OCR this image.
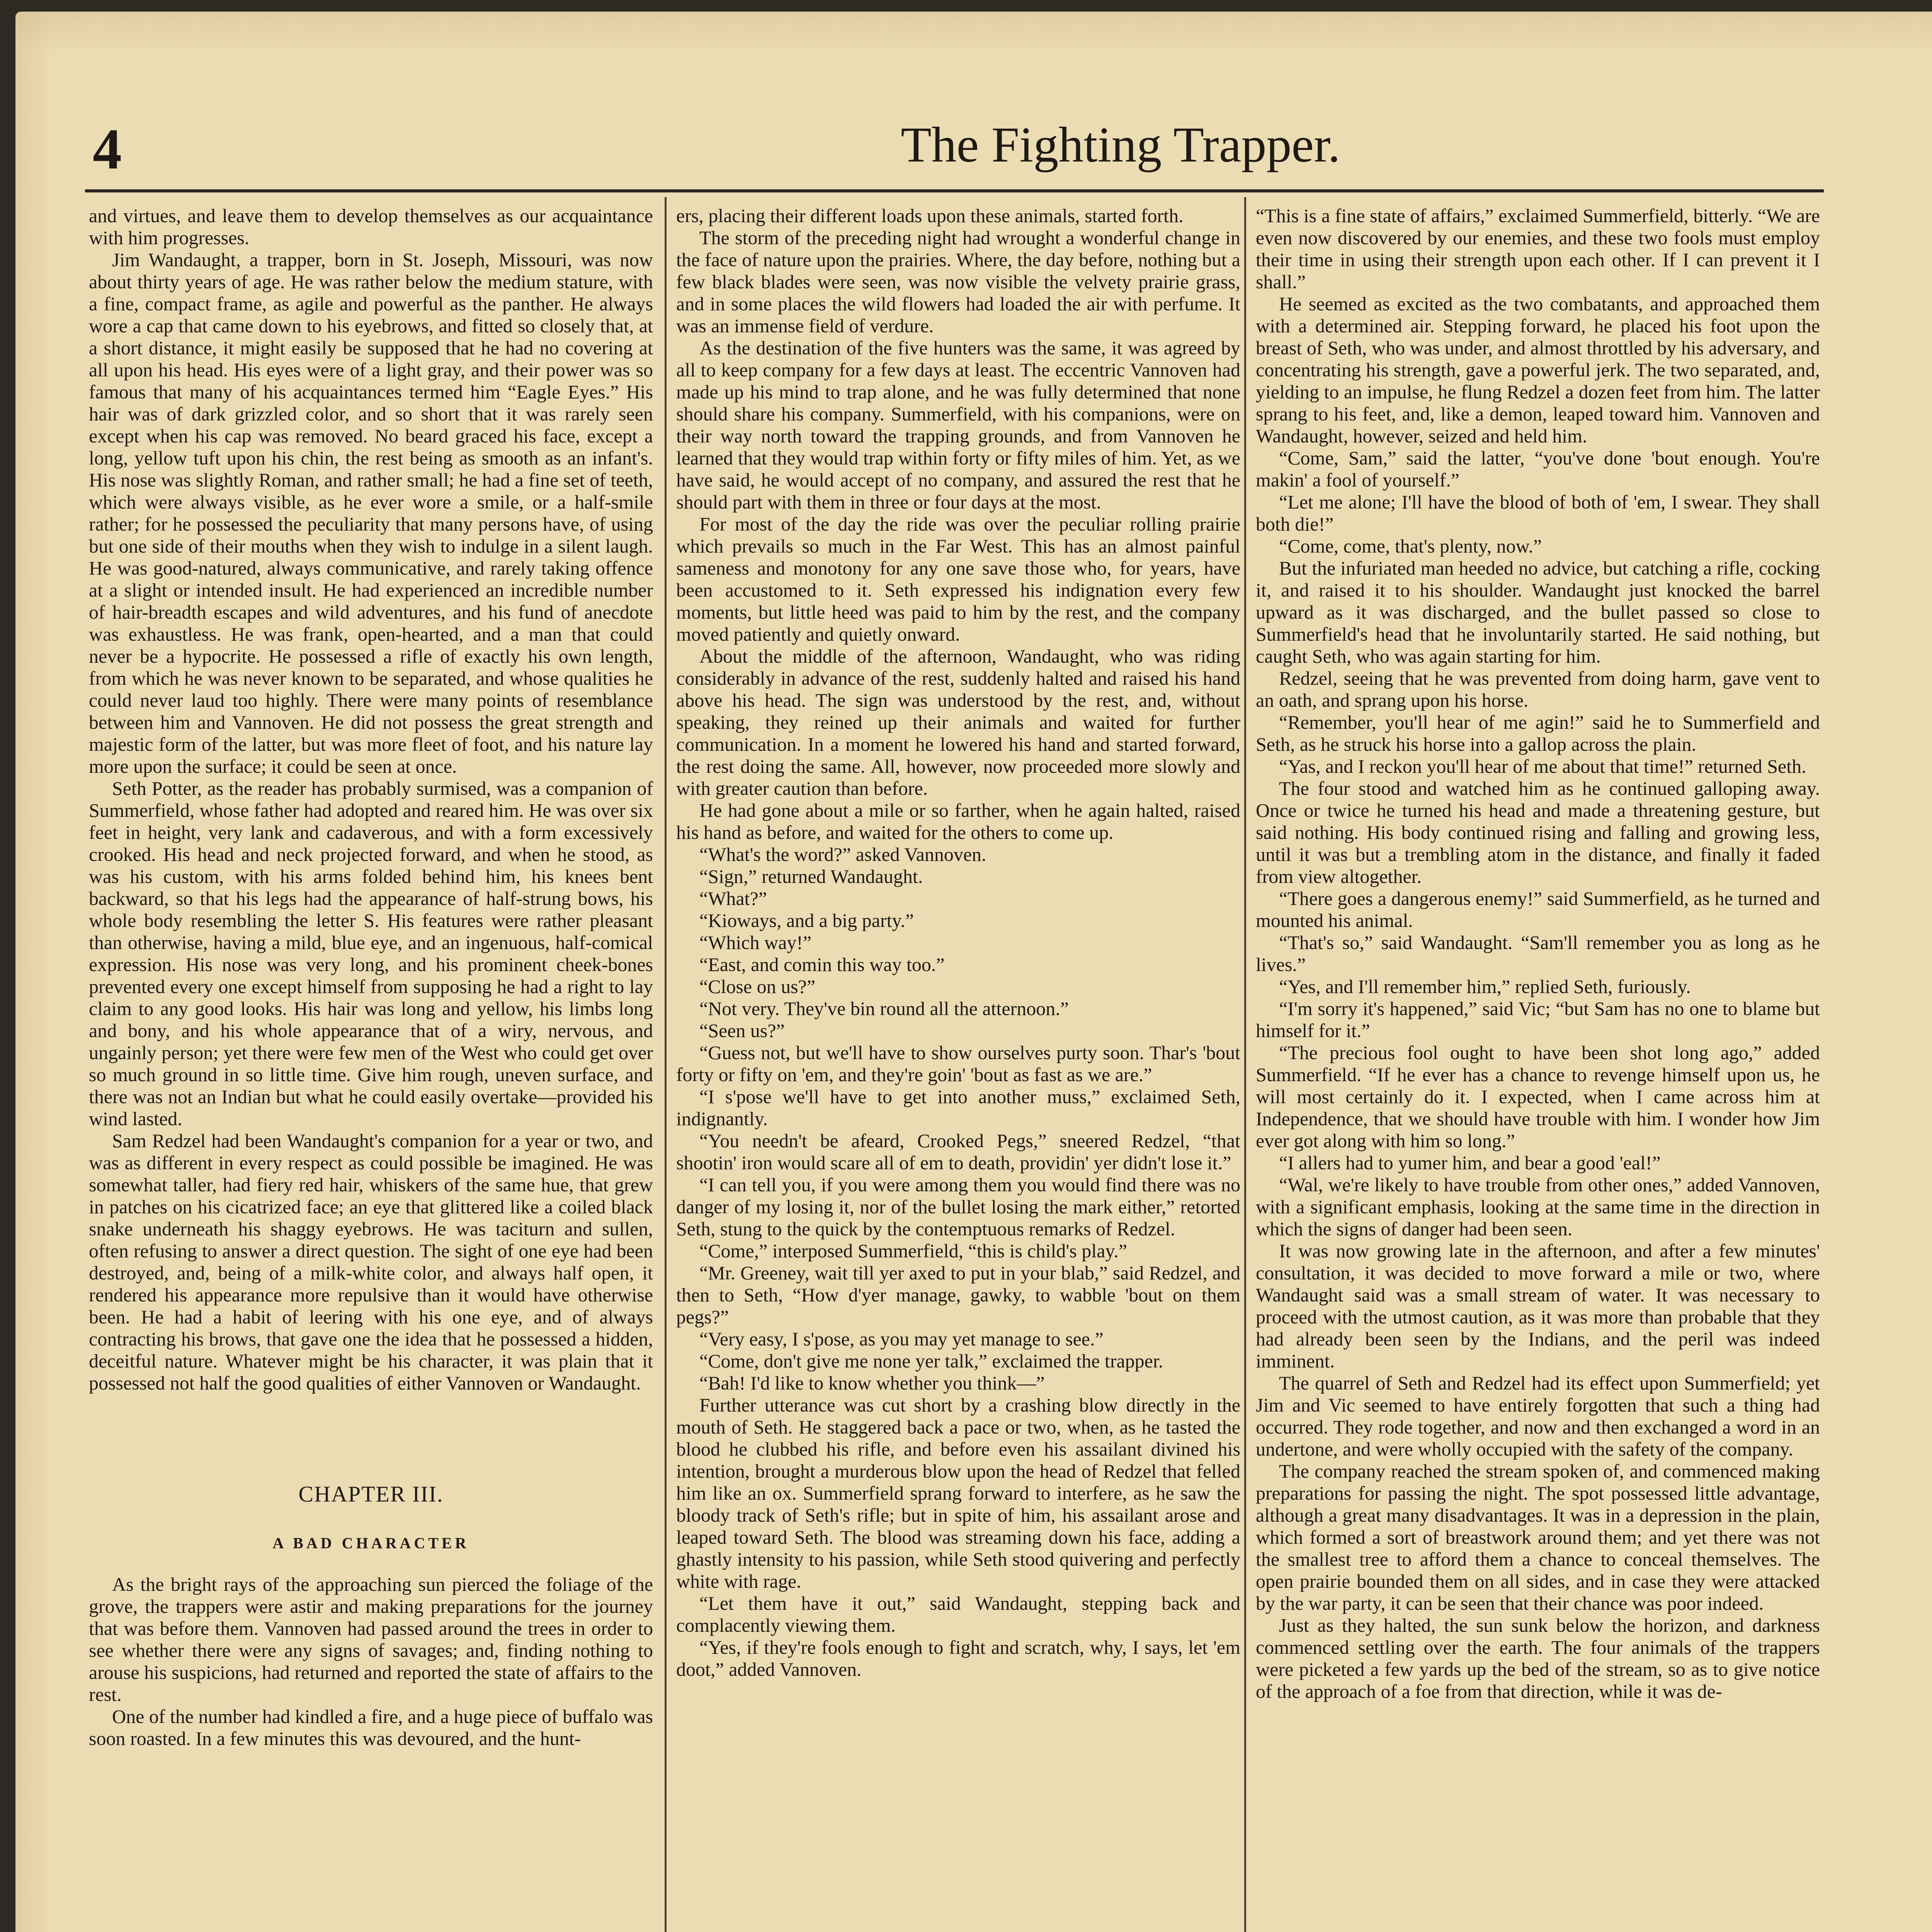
4	The Fighting Trapper.

and virtues, and leave them to develop themselves as our acquaintance with him progresses.

Jim Wandaught, a trapper, born in St. Joseph, Missouri, was now about thirty years of age. He was rather below the medium stature, with a fine, compact frame, as agile and powerful as the panther. He always wore a cap that came down to his eyebrows, and fitted so closely that, at a short distance, it might easily be supposed that he had no covering at all upon his head. His eyes were of a light gray, and their power was so famous that many of his acquaintances termed him “Eagle Eyes.” His hair was of dark grizzled color, and so short that it was rarely seen except when his cap was removed. No beard graced his face, except a long, yellow tuft upon his chin, the rest being as smooth as an infant's. His nose was slightly Roman, and rather small; he had a fine set of teeth, which were always visible, as he ever wore a smile, or a half-smile rather; for he possessed the peculiarity that many persons have, of using but one side of their mouths when they wish to indulge in a silent laugh. He was good-natured, always communicative, and rarely taking offence at a slight or intended insult. He had experienced an incredible number of hair-breadth escapes and wild adventures, and his fund of anecdote was exhaustless. He was frank, open-hearted, and a man that could never be a hypocrite. He possessed a rifle of exactly his own length, from which he was never known to be separated, and whose qualities he could never laud too highly. There were many points of resemblance between him and Vannoven. He did not possess the great strength and majestic form of the latter, but was more fleet of foot, and his nature lay more upon the surface; it could be seen at once.

Seth Potter, as the reader has probably surmised, was a companion of Summerfield, whose father had adopted and reared him. He was over six feet in height, very lank and cadaverous, and with a form excessively crooked. His head and neck projected forward, and when he stood, as was his custom, with his arms folded behind him, his knees bent backward, so that his legs had the appearance of half-strung bows, his whole body resembling the letter S. His features were rather pleasant than otherwise, having a mild, blue eye, and an ingenuous, half-comical expression. His nose was very long, and his prominent cheek-bones prevented every one except himself from supposing he had a right to lay claim to any good looks. His hair was long and yellow, his limbs long and bony, and his whole appearance that of a wiry, nervous, and ungainly person; yet there were few men of the West who could get over so much ground in so little time. Give him rough, uneven surface, and there was not an Indian but what he could easily overtake—provided his wind lasted.

Sam Redzel had been Wandaught's companion for a year or two, and was as different in every respect as could possible be imagined. He was somewhat taller, had fiery red hair, whiskers of the same hue, that grew in patches on his cicatrized face; an eye that glittered like a coiled black snake underneath his shaggy eyebrows. He was taciturn and sullen, often refusing to answer a direct question. The sight of one eye had been destroyed, and, being of a milk-white color, and always half open, it rendered his appearance more repulsive than it would have otherwise been. He had a habit of leering with his one eye, and of always contracting his brows, that gave one the idea that he possessed a hidden, deceitful nature. Whatever might be his character, it was plain that it possessed not half the good qualities of either Vannoven or Wandaught.

CHAPTER III.
A BAD CHARACTER

As the bright rays of the approaching sun pierced the foliage of the grove, the trappers were astir and making preparations for the journey that was before them. Vannoven had passed around the trees in order to see whether there were any signs of savages; and, finding nothing to arouse his suspicions, had returned and reported the state of affairs to the rest.

One of the number had kindled a fire, and a huge piece of buffalo was soon roasted. In a few minutes this was devoured, and the hunt-

ers, placing their different loads upon these animals, started forth.

The storm of the preceding night had wrought a wonderful change in the face of nature upon the prairies. Where, the day before, nothing but a few black blades were seen, was now visible the velvety prairie grass, and in some places the wild flowers had loaded the air with perfume. It was an immense field of verdure.

As the destination of the five hunters was the same, it was agreed by all to keep company for a few days at least. The eccentric Vannoven had made up his mind to trap alone, and he was fully determined that none should share his company. Summerfield, with his companions, were on their way north toward the trapping grounds, and from Vannoven he learned that they would trap within forty or fifty miles of him. Yet, as we have said, he would accept of no company, and assured the rest that he should part with them in three or four days at the most.

For most of the day the ride was over the peculiar rolling prairie which prevails so much in the Far West. This has an almost painful sameness and monotony for any one save those who, for years, have been accustomed to it. Seth expressed his indignation every few moments, but little heed was paid to him by the rest, and the company moved patiently and quietly onward.

About the middle of the afternoon, Wandaught, who was riding considerably in advance of the rest, suddenly halted and raised his hand above his head. The sign was understood by the rest, and, without speaking, they reined up their animals and waited for further communication. In a moment he lowered his hand and started forward, the rest doing the same. All, however, now proceeded more slowly and with greater caution than before.

He had gone about a mile or so farther, when he again halted, raised his hand as before, and waited for the others to come up.

“What's the word?” asked Vannoven.

“Sign,” returned Wandaught.

“What?”

“Kioways, and a big party.”

“Which way!”

“East, and comin this way too.”

“Close on us?”

“Not very. They've bin round all the atternoon.”

“Seen us?”

“Guess not, but we'll have to show ourselves purty soon. Thar's 'bout forty or fifty on 'em, and they're goin' 'bout as fast as we are.”

“I s'pose we'll have to get into another muss,” exclaimed Seth, indignantly.

“You needn't be afeard, Crooked Pegs,” sneered Redzel, “that shootin' iron would scare all of em to death, providin' yer didn't lose it.”

“I can tell you, if you were among them you would find there was no danger of my losing it, nor of the bullet losing the mark either,” retorted Seth, stung to the quick by the contemptuous remarks of Redzel.

“Come,” interposed Summerfield, “this is child's play.”

“Mr. Greeney, wait till yer axed to put in your blab,” said Redzel, and then to Seth, “How d'yer manage, gawky, to wabble 'bout on them pegs?”

“Very easy, I s'pose, as you may yet manage to see.”

“Come, don't give me none yer talk,” exclaimed the trapper.

“Bah! I'd like to know whether you think—”

Further utterance was cut short by a crashing blow directly in the mouth of Seth. He staggered back a pace or two, when, as he tasted the blood he clubbed his rifle, and before even his assailant divined his intention, brought a murderous blow upon the head of Redzel that felled him like an ox. Summerfield sprang forward to interfere, as he saw the bloody track of Seth's rifle; but in spite of him, his assailant arose and leaped toward Seth. The blood was streaming down his face, adding a ghastly intensity to his passion, while Seth stood quivering and perfectly white with rage.

“Let them have it out,” said Wandaught, stepping back and complacently viewing them.

“Yes, if they're fools enough to fight and scratch, why, I says, let 'em doot,” added Vannoven.

“This is a fine state of affairs,” exclaimed Summerfield, bitterly. “We are even now discovered by our enemies, and these two fools must employ their time in using their strength upon each other. If I can prevent it I shall.”

He seemed as excited as the two combatants, and approached them with a determined air. Stepping forward, he placed his foot upon the breast of Seth, who was under, and almost throttled by his adversary, and concentrating his strength, gave a powerful jerk. The two separated, and, yielding to an impulse, he flung Redzel a dozen feet from him. The latter sprang to his feet, and, like a demon, leaped toward him. Vannoven and Wandaught, however, seized and held him.

“Come, Sam,” said the latter, “you've done 'bout enough. You're makin' a fool of yourself.”

“Let me alone; I'll have the blood of both of 'em, I swear. They shall both die!”

“Come, come, that's plenty, now.”

But the infuriated man heeded no advice, but catching a rifle, cocking it, and raised it to his shoulder. Wandaught just knocked the barrel upward as it was discharged, and the bullet passed so close to Summerfield's head that he involuntarily started. He said nothing, but caught Seth, who was again starting for him.

Redzel, seeing that he was prevented from doing harm, gave vent to an oath, and sprang upon his horse.

“Remember, you'll hear of me agin!” said he to Summerfield and Seth, as he struck his horse into a gallop across the plain.

“Yas, and I reckon you'll hear of me about that time!” returned Seth.

The four stood and watched him as he continued galloping away. Once or twice he turned his head and made a threatening gesture, but said nothing. His body continued rising and falling and growing less, until it was but a trembling atom in the distance, and finally it faded from view altogether.

“There goes a dangerous enemy!” said Summerfield, as he turned and mounted his animal.

“That's so,” said Wandaught. “Sam'll remember you as long as he lives.”

“Yes, and I'll remember him,” replied Seth, furiously.

“I'm sorry it's happened,” said Vic; “but Sam has no one to blame but himself for it.”

“The precious fool ought to have been shot long ago,” added Summerfield. “If he ever has a chance to revenge himself upon us, he will most certainly do it. I expected, when I came across him at Independence, that we should have trouble with him. I wonder how Jim ever got along with him so long.”

“I allers had to yumer him, and bear a good 'eal!”

“Wal, we're likely to have trouble from other ones,” added Vannoven, with a significant emphasis, looking at the same time in the direction in which the signs of danger had been seen.

It was now growing late in the afternoon, and after a few minutes' consultation, it was decided to move forward a mile or two, where Wandaught said was a small stream of water. It was necessary to proceed with the utmost caution, as it was more than probable that they had already been seen by the Indians, and the peril was indeed imminent.

The quarrel of Seth and Redzel had its effect upon Summerfield; yet Jim and Vic seemed to have entirely forgotten that such a thing had occurred. They rode together, and now and then exchanged a word in an undertone, and were wholly occupied with the safety of the company.

The company reached the stream spoken of, and commenced making preparations for passing the night. The spot possessed little advantage, although a great many disadvantages. It was in a depression in the plain, which formed a sort of breastwork around them; and yet there was not the smallest tree to afford them a chance to conceal themselves. The open prairie bounded them on all sides, and in case they were attacked by the war party, it can be seen that their chance was poor indeed.

Just as they halted, the sun sunk below the horizon, and darkness commenced settling over the earth. The four animals of the trappers were picketed a few yards up the bed of the stream, so as to give notice of the approach of a foe from that direction, while it was de-
